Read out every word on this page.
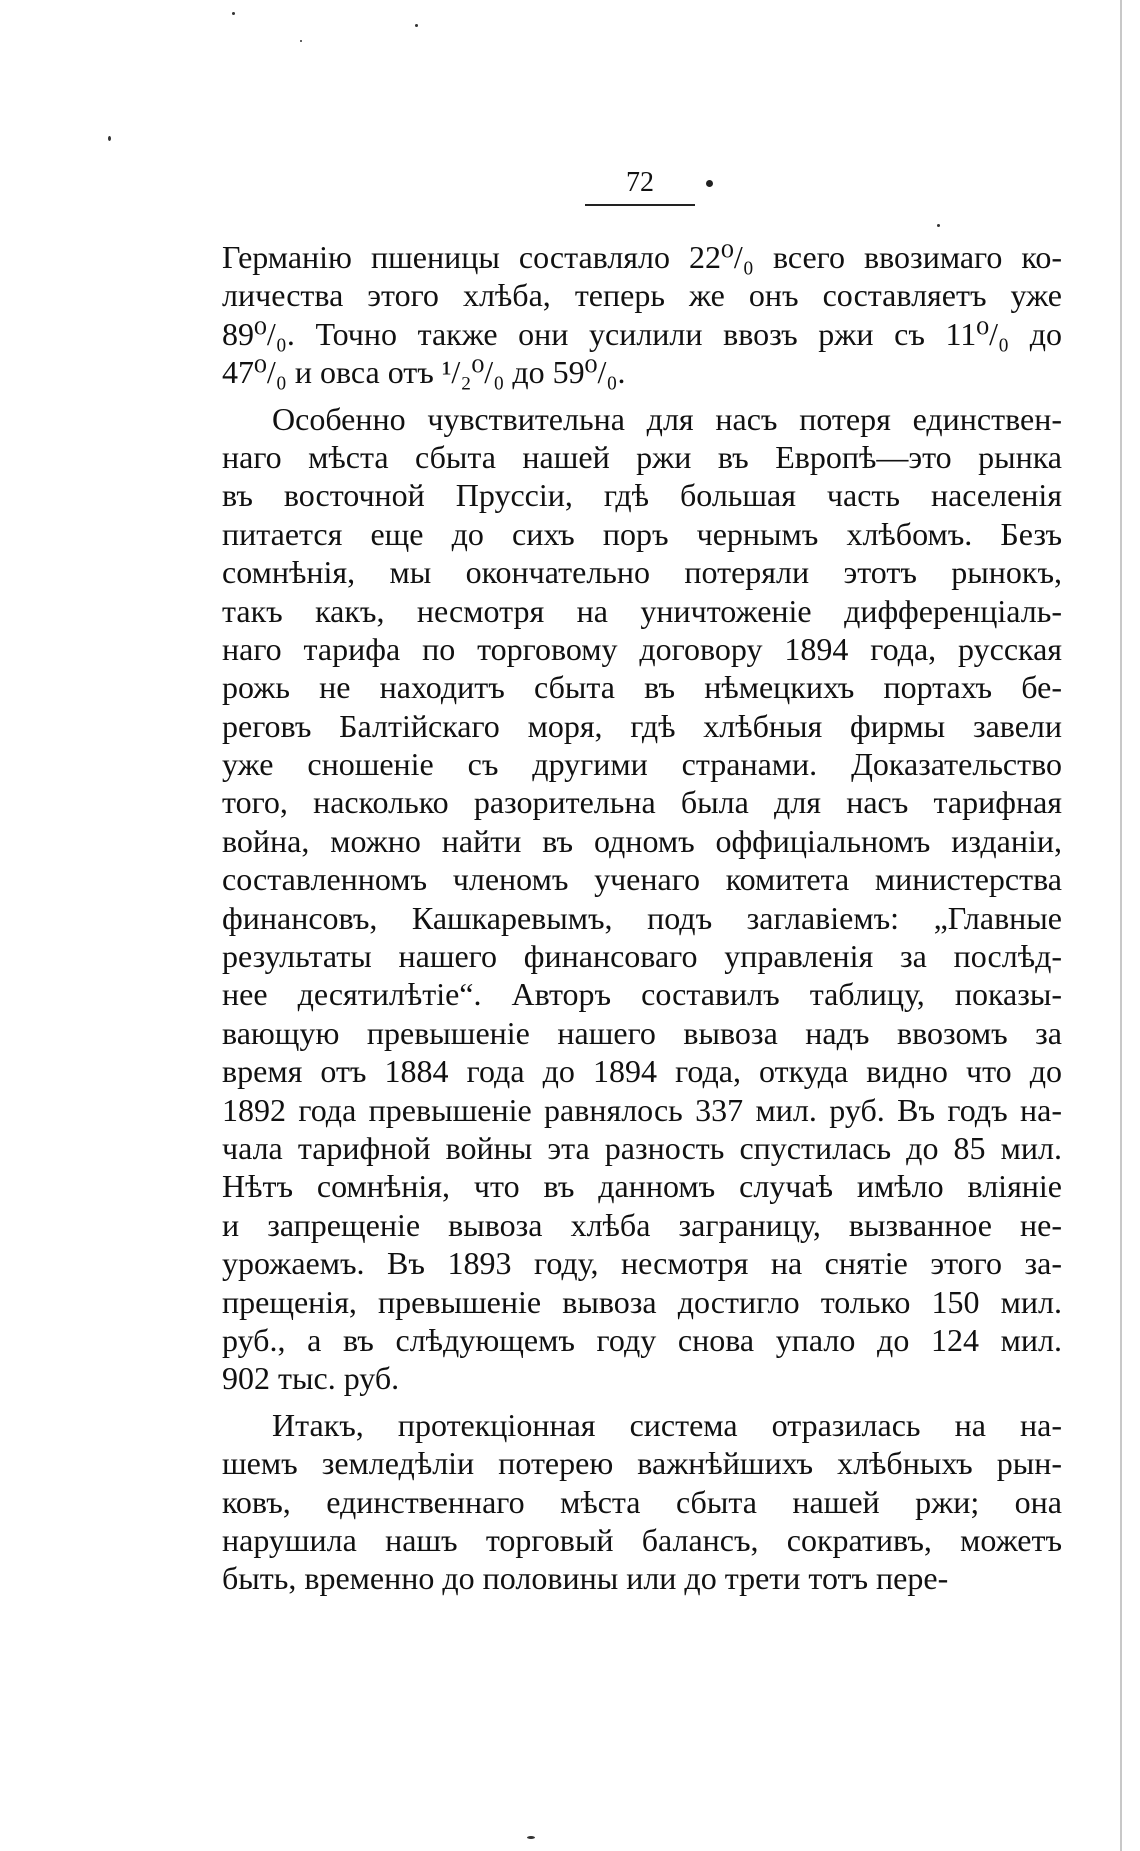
72
Германію пшеницы составляло 22⁰/₀ всего ввозимаго ко-
личества этого хлѣба, теперь же онъ составляетъ уже
89⁰/₀. Точно также они усилили ввозъ ржи съ 11⁰/₀ до
47⁰/₀ и овса отъ ¹/₂⁰/₀ до 59⁰/₀.
Особенно чувствительна для насъ потеря единствен-
наго мѣста сбыта нашей ржи въ Европѣ—это рынка
въ восточной Пруссіи, гдѣ большая часть населенія
питается еще до сихъ поръ чернымъ хлѣбомъ. Безъ
сомнѣнія, мы окончательно потеряли этотъ рынокъ,
такъ какъ, несмотря на уничтоженіе дифференціаль-
наго тарифа по торговому договору 1894 года, русская
рожь не находитъ сбыта въ нѣмецкихъ портахъ бе-
реговъ Балтійскаго моря, гдѣ хлѣбныя фирмы завели
уже сношеніе съ другими странами. Доказательство
того, насколько разорительна была для насъ тарифная
война, можно найти въ одномъ оффиціальномъ изданіи,
составленномъ членомъ ученаго комитета министерства
финансовъ, Кашкаревымъ, подъ заглавіемъ: „Главные
результаты нашего финансоваго управленія за послѣд-
нее десятилѣтіе“. Авторъ составилъ таблицу, показы-
вающую превышеніе нашего вывоза надъ ввозомъ за
время отъ 1884 года до 1894 года, откуда видно что до
1892 года превышеніе равнялось 337 мил. руб. Въ годъ на-
чала тарифной войны эта разность спустилась до 85 мил.
Нѣтъ сомнѣнія, что въ данномъ случаѣ имѣло вліяніе
и запрещеніе вывоза хлѣба заграницу, вызванное не-
урожаемъ. Въ 1893 году, несмотря на снятіе этого за-
прещенія, превышеніе вывоза достигло только 150 мил.
руб., а въ слѣдующемъ году снова упало до 124 мил.
902 тыс. руб.
Итакъ, протекціонная система отразилась на на-
шемъ земледѣліи потерею важнѣйшихъ хлѣбныхъ рын-
ковъ, единственнаго мѣста сбыта нашей ржи; она
нарушила нашъ торговый балансъ, сокративъ, можетъ
быть, временно до половины или до трети тотъ пере-
